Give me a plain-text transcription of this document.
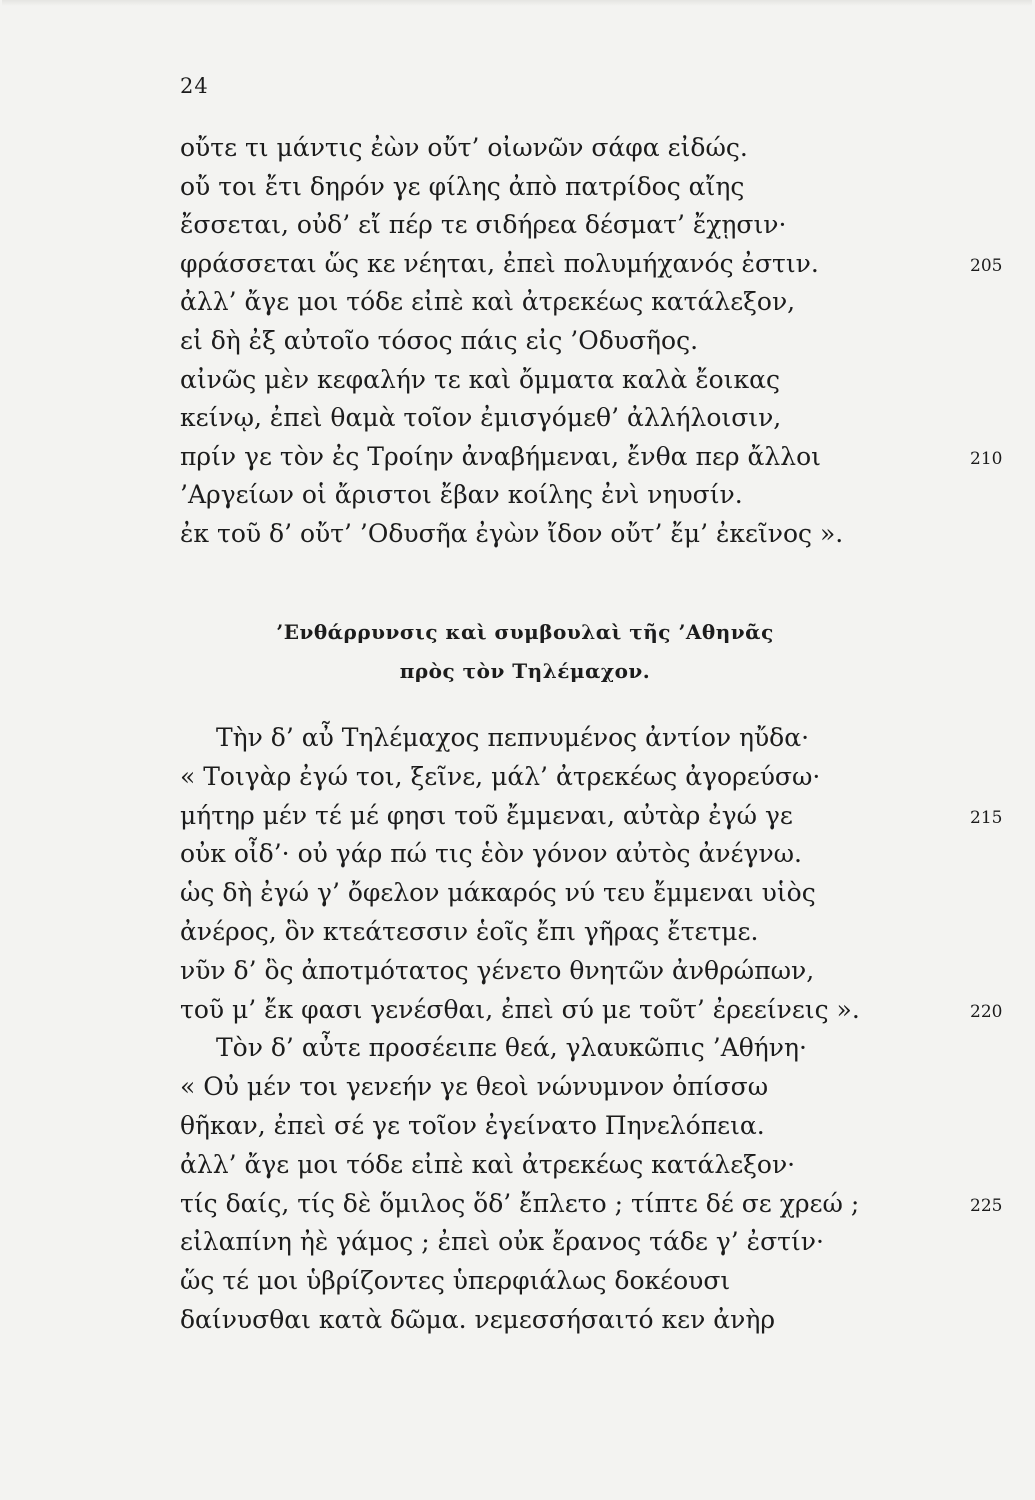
24
’Ενθάρρυνσις καὶ συμβουλαὶ τῆς ’Αθηνᾶς
πρὸς τὸν Τηλέμαχον.
οὔτε τι μάντις ἐὼν οὔτ’ οἰωνῶν σάφα εἰδώς.
οὔ τοι ἔτι δηρόν γε φίλης ἀπὸ πατρίδος αἴης
ἔσσεται, οὐδ’ εἴ πέρ τε σιδήρεα δέσματ’ ἔχῃσιν·
φράσσεται ὥς κε νέηται, ἐπεὶ πολυμήχανός ἐστιν.	205
ἀλλ’ ἄγε μοι τόδε εἰπὲ καὶ ἀτρεκέως κατάλεξον,
εἰ δὴ ἐξ αὐτοῖο τόσος πάις εἰς ’Οδυσῆος.
αἰνῶς μὲν κεφαλήν τε καὶ ὄμματα καλὰ ἔοικας
κείνῳ, ἐπεὶ θαμὰ τοῖον ἐμισγόμεθ’ ἀλλήλοισιν,
πρίν γε τὸν ἐς Τροίην ἀναβήμεναι, ἔνθα περ ἄλλοι	210
’Αργείων οἱ ἄριστοι ἔβαν κοίλης ἐνὶ νηυσίν.
ἐκ τοῦ δ’ οὔτ’ ’Οδυσῆα ἐγὼν ἴδον οὔτ’ ἔμ’ ἐκεῖνος ».
Τὴν δ’ αὖ Τηλέμαχος πεπνυμένος ἀντίον ηὔδα·
« Τοιγὰρ ἐγώ τοι, ξεῖνε, μάλ’ ἀτρεκέως ἀγορεύσω·
μήτηρ μέν τέ μέ φησι τοῦ ἔμμεναι, αὐτὰρ ἐγώ γε	215
οὐκ οἶδ’· οὐ γάρ πώ τις ἑὸν γόνον αὐτὸς ἀνέγνω.
ὡς δὴ ἐγώ γ’ ὄφελον μάκαρός νύ τευ ἔμμεναι υἱὸς
ἀνέρος, ὃν κτεάτεσσιν ἑοῖς ἔπι γῆρας ἔτετμε.
νῦν δ’ ὃς ἀποτμότατος γένετο θνητῶν ἀνθρώπων,
τοῦ μ’ ἔκ φασι γενέσθαι, ἐπεὶ σύ με τοῦτ’ ἐρεείνεις ».	220
Τὸν δ’ αὖτε προσέειπε θεά, γλαυκῶπις ’Αθήνη·
« Οὐ μέν τοι γενεήν γε θεοὶ νώνυμνον ὀπίσσω
θῆκαν, ἐπεὶ σέ γε τοῖον ἐγείνατο Πηνελόπεια.
ἀλλ’ ἄγε μοι τόδε εἰπὲ καὶ ἀτρεκέως κατάλεξον·
τίς δαίς, τίς δὲ ὅμιλος ὅδ’ ἔπλετο ; τίπτε δέ σε χρεώ ;	225
εἰλαπίνη ἠὲ γάμος ; ἐπεὶ οὐκ ἔρανος τάδε γ’ ἐστίν·
ὥς τέ μοι ὑβρίζοντες ὑπερφιάλως δοκέουσι
δαίνυσθαι κατὰ δῶμα. νεμεσσήσαιτό κεν ἀνὴρ
